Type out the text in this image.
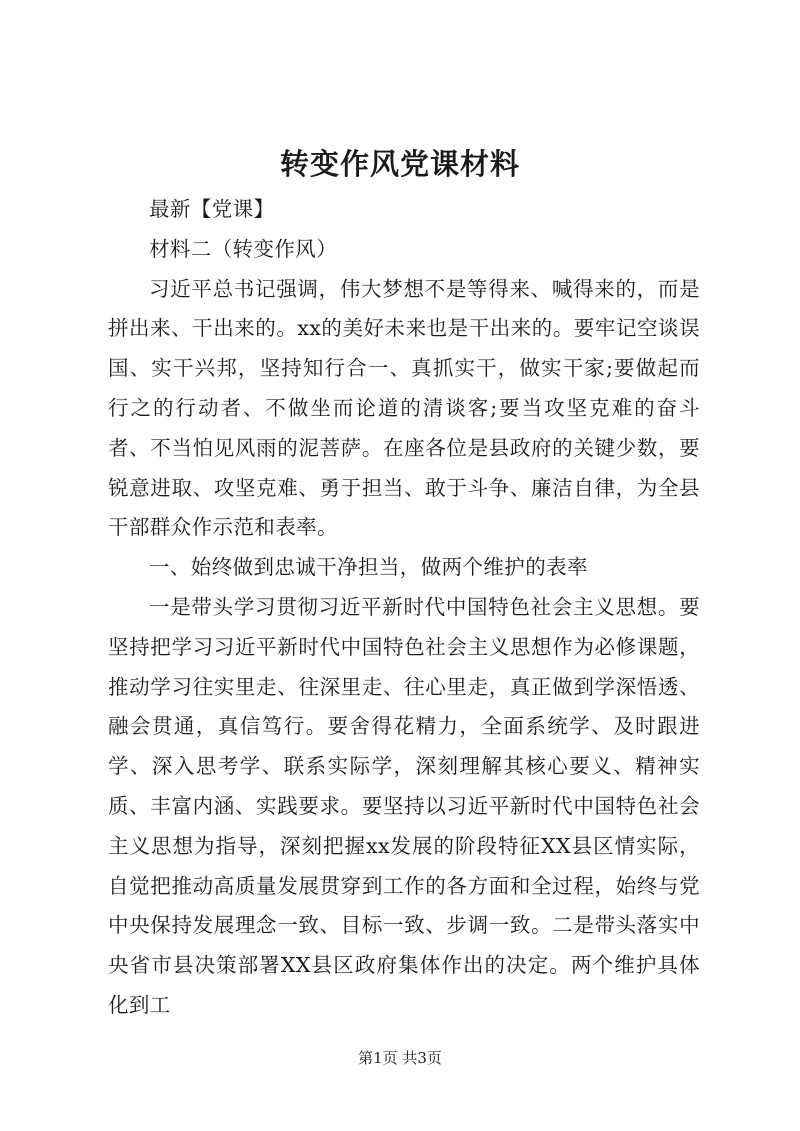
转变作风党课材料

最新【党课】

材料二（转变作风）

习近平总书记强调，伟大梦想不是等得来、喊得来的，而是拼出来、干出来的。xx的美好未来也是干出来的。要牢记空谈误国、实干兴邦，坚持知行合一、真抓实干，做实干家;要做起而行之的行动者、不做坐而论道的清谈客;要当攻坚克难的奋斗者、不当怕见风雨的泥菩萨。在座各位是县政府的关键少数，要锐意进取、攻坚克难、勇于担当、敢于斗争、廉洁自律，为全县干部群众作示范和表率。

一、始终做到忠诚干净担当，做两个维护的表率

一是带头学习贯彻习近平新时代中国特色社会主义思想。要坚持把学习习近平新时代中国特色社会主义思想作为必修课题，推动学习往实里走、往深里走、往心里走，真正做到学深悟透、融会贯通，真信笃行。要舍得花精力，全面系统学、及时跟进学、深入思考学、联系实际学，深刻理解其核心要义、精神实质、丰富内涵、实践要求。要坚持以习近平新时代中国特色社会主义思想为指导，深刻把握xx发展的阶段特征XX县区情实际，自觉把推动高质量发展贯穿到工作的各方面和全过程，始终与党中央保持发展理念一致、目标一致、步调一致。二是带头落实中央省市县决策部署XX县区政府集体作出的决定。两个维护具体化到工

第1页 共3页
